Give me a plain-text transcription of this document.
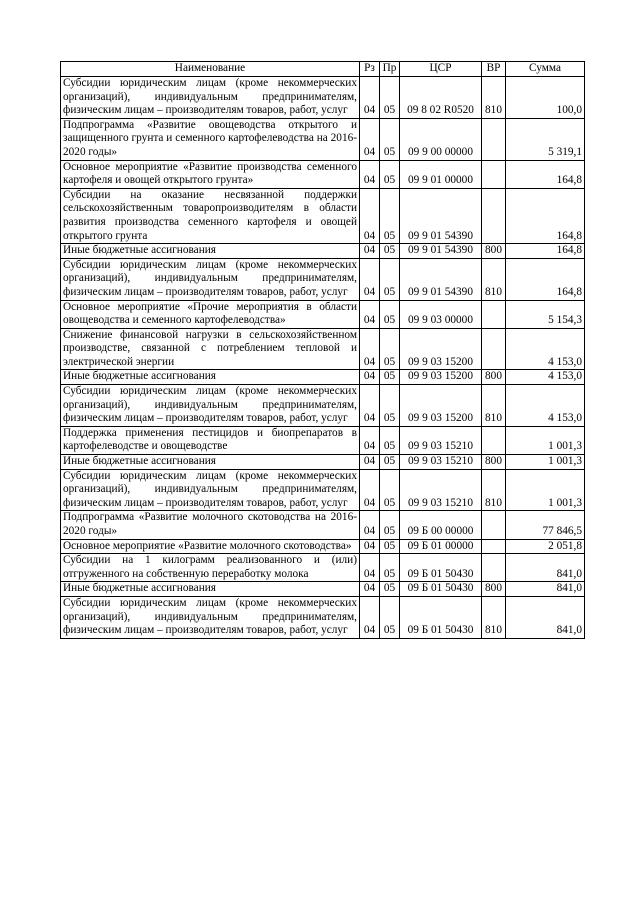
Наименование	Рз	Пр	ЦСР	ВР	Сумма
Субсидии юридическим лицам (кроме некоммерческих организаций), индивидуальным предпринимателям, физическим лицам – производителям товаров, работ, услуг	04	05	09 8 02 R0520	810	100,0
Подпрограмма «Развитие овощеводства открытого и защищенного грунта и семенного картофелеводства на 2016-2020 годы»	04	05	09 9 00 00000		5 319,1
Основное мероприятие «Развитие производства семенного картофеля и овощей открытого грунта»	04	05	09 9 01 00000		164,8
Субсидии на оказание несвязанной поддержки сельскохозяйственным товаропроизводителям в области развития производства семенного картофеля и овощей открытого грунта	04	05	09 9 01 54390		164,8
Иные бюджетные ассигнования	04	05	09 9 01 54390	800	164,8
Субсидии юридическим лицам (кроме некоммерческих организаций), индивидуальным предпринимателям, физическим лицам – производителям товаров, работ, услуг	04	05	09 9 01 54390	810	164,8
Основное мероприятие «Прочие мероприятия в области овощеводства и семенного картофелеводства»	04	05	09 9 03 00000		5 154,3
Снижение финансовой нагрузки в сельскохозяйственном производстве, связанной с потреблением тепловой и электрической энергии	04	05	09 9 03 15200		4 153,0
Иные бюджетные ассигнования	04	05	09 9 03 15200	800	4 153,0
Субсидии юридическим лицам (кроме некоммерческих организаций), индивидуальным предпринимателям, физическим лицам – производителям товаров, работ, услуг	04	05	09 9 03 15200	810	4 153,0
Поддержка применения пестицидов и биопрепаратов в картофелеводстве и овощеводстве	04	05	09 9 03 15210		1 001,3
Иные бюджетные ассигнования	04	05	09 9 03 15210	800	1 001,3
Субсидии юридическим лицам (кроме некоммерческих организаций), индивидуальным предпринимателям, физическим лицам – производителям товаров, работ, услуг	04	05	09 9 03 15210	810	1 001,3
Подпрограмма «Развитие молочного скотоводства на 2016-2020 годы»	04	05	09 Б 00 00000		77 846,5
Основное мероприятие «Развитие молочного скотоводства»	04	05	09 Б 01 00000		2 051,8
Субсидии на 1 килограмм реализованного и (или) отгруженного на собственную переработку молока	04	05	09 Б 01 50430		841,0
Иные бюджетные ассигнования	04	05	09 Б 01 50430	800	841,0
Субсидии юридическим лицам (кроме некоммерческих организаций), индивидуальным предпринимателям, физическим лицам – производителям товаров, работ, услуг	04	05	09 Б 01 50430	810	841,0
